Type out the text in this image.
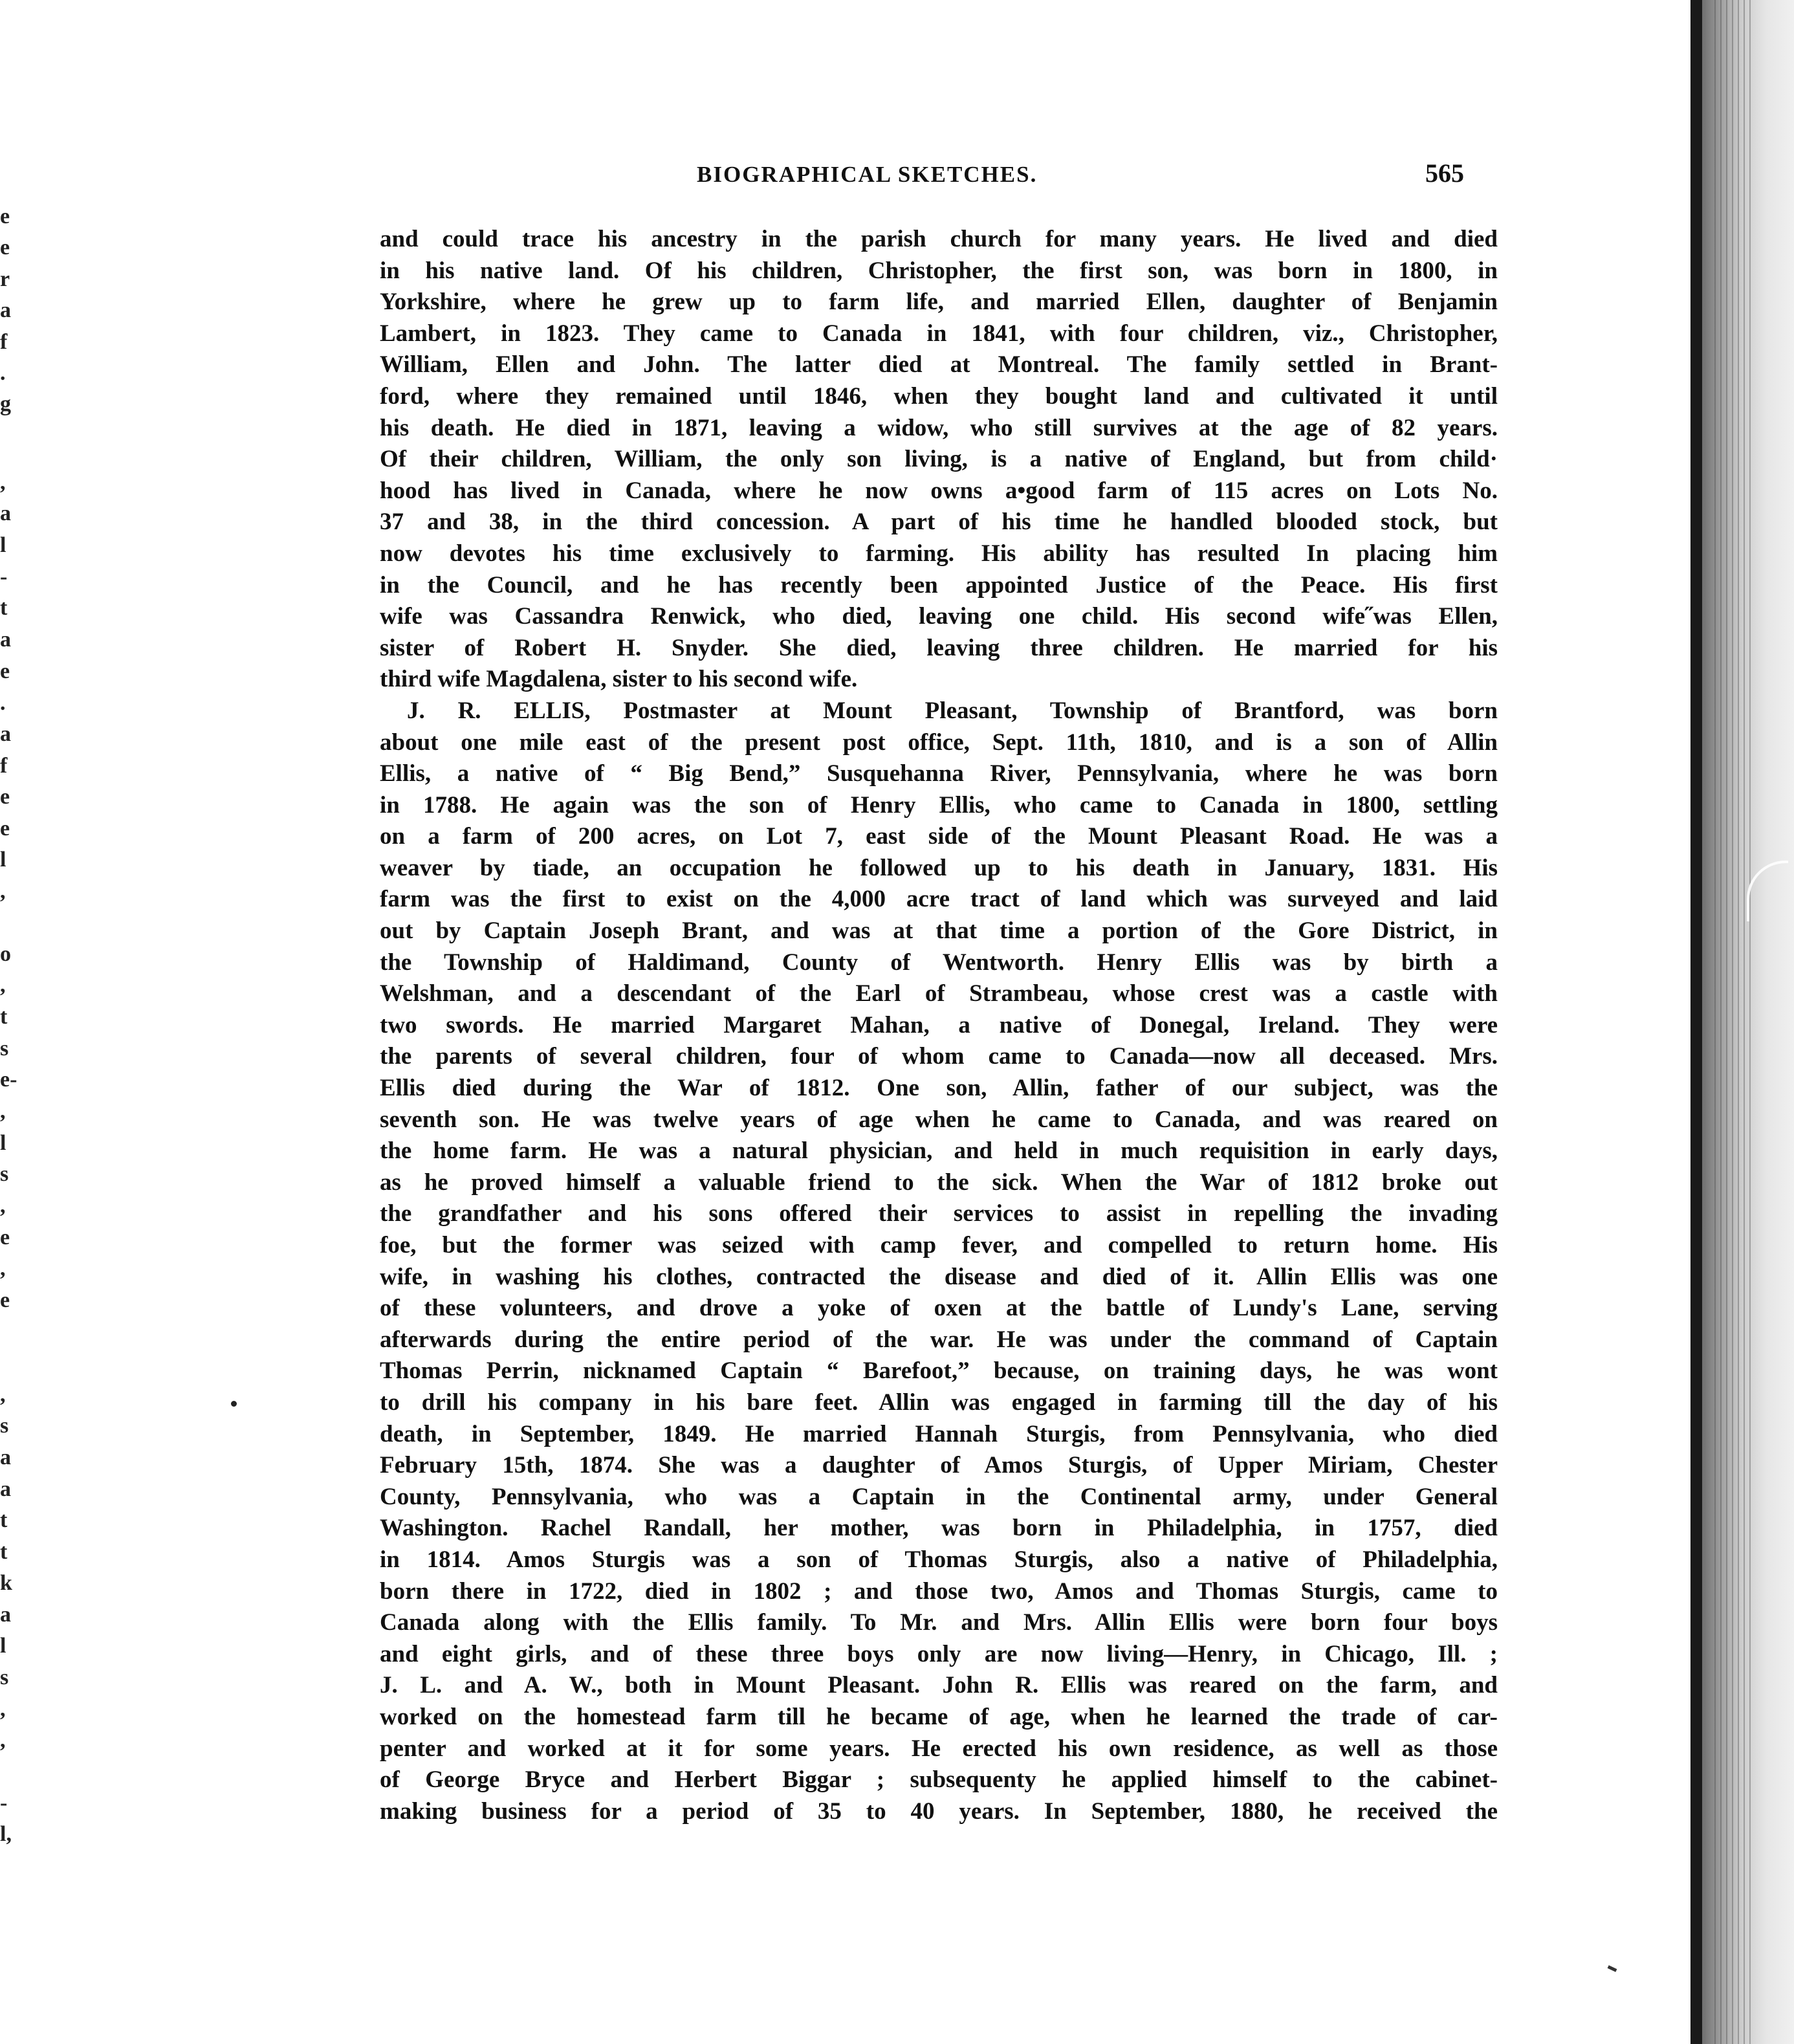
e
e
r
a
f
.
g
,
a
l
-
t
a
e
.
a
f
e
e
l
,
o
,
t
s
e-
,
l
s
,
e
,
e
,
s
a
a
t
t
k
a
l
s
,
,
-
l,
BIOGRAPHICAL SKETCHES.	565
and could trace his ancestry in the parish church for many years. He lived and died
in his native land. Of his children, Christopher, the first son, was born in 1800, in
Yorkshire, where he grew up to farm life, and married Ellen, daughter of Benjamin
Lambert, in 1823. They came to Canada in 1841, with four children, viz., Christopher,
William, Ellen and John. The latter died at Montreal. The family settled in Brant-
ford, where they remained until 1846, when they bought land and cultivated it until
his death. He died in 1871, leaving a widow, who still survives at the age of 82 years.
Of their children, William, the only son living, is a native of England, but from child·
hood has lived in Canada, where he now owns a•good farm of 115 acres on Lots No.
37 and 38, in the third concession. A part of his time he handled blooded stock, but
now devotes his time exclusively to farming. His ability has resulted In placing him
in the Council, and he has recently been appointed Justice of the Peace. His first
wife was Cassandra Renwick, who died, leaving one child. His second wife˝was Ellen,
sister of Robert H. Snyder. She died, leaving three children. He married for his
third wife Magdalena, sister to his second wife.
J. R. ELLIS, Postmaster at Mount Pleasant, Township of Brantford, was born
about one mile east of the present post office, Sept. 11th, 1810, and is a son of Allin
Ellis, a native of “ Big Bend,” Susquehanna River, Pennsylvania, where he was born
in 1788. He again was the son of Henry Ellis, who came to Canada in 1800, settling
on a farm of 200 acres, on Lot 7, east side of the Mount Pleasant Road. He was a
weaver by tiade, an occupation he followed up to his death in January, 1831. His
farm was the first to exist on the 4,000 acre tract of land which was surveyed and laid
out by Captain Joseph Brant, and was at that time a portion of the Gore District, in
the Township of Haldimand, County of Wentworth. Henry Ellis was by birth a
Welshman, and a descendant of the Earl of Strambeau, whose crest was a castle with
two swords. He married Margaret Mahan, a native of Donegal, Ireland. They were
the parents of several children, four of whom came to Canada—now all deceased. Mrs.
Ellis died during the War of 1812. One son, Allin, father of our subject, was the
seventh son. He was twelve years of age when he came to Canada, and was reared on
the home farm. He was a natural physician, and held in much requisition in early days,
as he proved himself a valuable friend to the sick. When the War of 1812 broke out
the grandfather and his sons offered their services to assist in repelling the invading
foe, but the former was seized with camp fever, and compelled to return home. His
wife, in washing his clothes, contracted the disease and died of it. Allin Ellis was one
of these volunteers, and drove a yoke of oxen at the battle of Lundy's Lane, serving
afterwards during the entire period of the war. He was under the command of Captain
Thomas Perrin, nicknamed Captain “ Barefoot,” because, on training days, he was wont
to drill his company in his bare feet. Allin was engaged in farming till the day of his
death, in September, 1849. He married Hannah Sturgis, from Pennsylvania, who died
February 15th, 1874. She was a daughter of Amos Sturgis, of Upper Miriam, Chester
County, Pennsylvania, who was a Captain in the Continental army, under General
Washington. Rachel Randall, her mother, was born in Philadelphia, in 1757, died
in 1814. Amos Sturgis was a son of Thomas Sturgis, also a native of Philadelphia,
born there in 1722, died in 1802 ; and those two, Amos and Thomas Sturgis, came to
Canada along with the Ellis family. To Mr. and Mrs. Allin Ellis were born four boys
and eight girls, and of these three boys only are now living—Henry, in Chicago, Ill. ;
J. L. and A. W., both in Mount Pleasant. John R. Ellis was reared on the farm, and
worked on the homestead farm till he became of age, when he learned the trade of car-
penter and worked at it for some years. He erected his own residence, as well as those
of George Bryce and Herbert Biggar ; subsequenty he applied himself to the cabinet-
making business for a period of 35 to 40 years. In September, 1880, he received the
